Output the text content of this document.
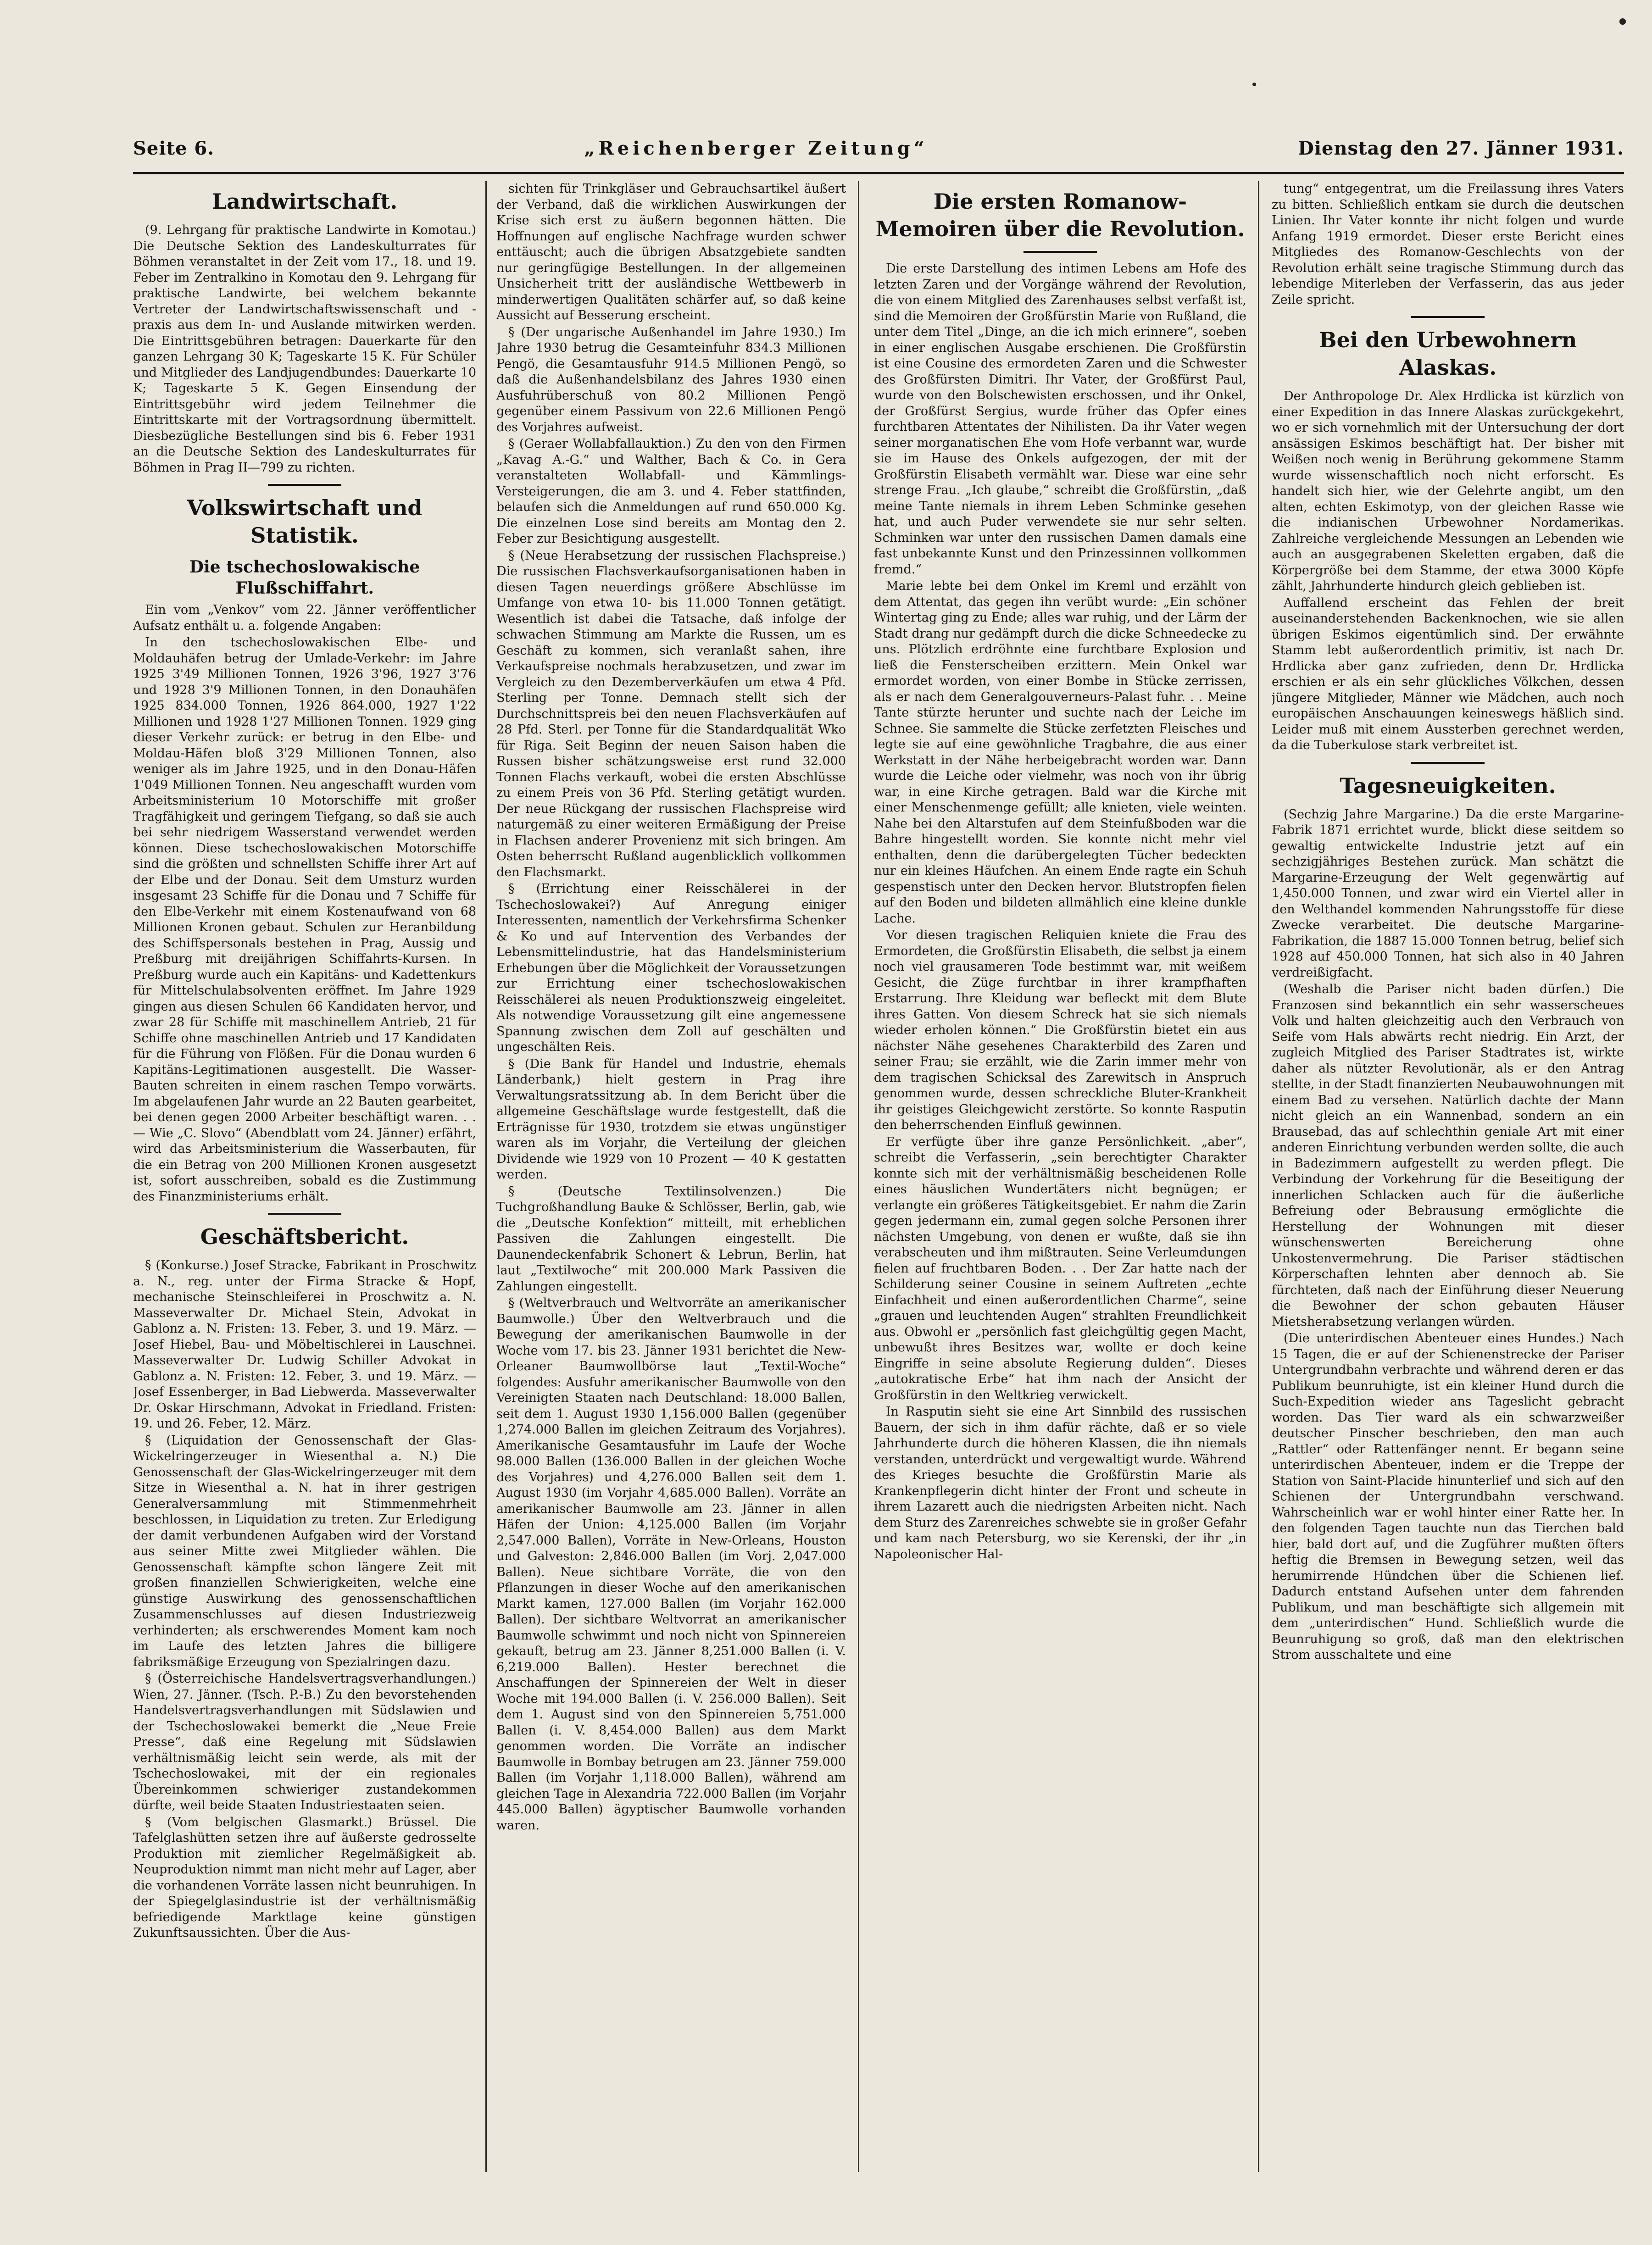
Seite 6.	„Reichenberger Zeitung“	Dienstag den 27. Jänner 1931.
Landwirtschaft.

(9. Lehrgang für praktische Landwirte in Komotau.) Die Deutsche Sektion des Landeskulturrates für Böhmen veranstaltet in der Zeit vom 17., 18. und 19. Feber im Zentralkino in Komotau den 9. Lehrgang für praktische Landwirte, bei welchem bekannte Vertreter der Landwirtschaftswissenschaft und -praxis aus dem In- und Auslande mitwirken werden. Die Eintrittsgebühren betragen: Dauerkarte für den ganzen Lehrgang 30 K; Tageskarte 15 K. Für Schüler und Mitglieder des Landjugendbundes: Dauerkarte 10 K; Tageskarte 5 K. Gegen Einsendung der Eintrittsgebühr wird jedem Teilnehmer die Eintrittskarte mit der Vortragsordnung übermittelt. Diesbezügliche Bestellungen sind bis 6. Feber 1931 an die Deutsche Sektion des Landeskulturrates für Böhmen in Prag II—799 zu richten.

Volkswirtschaft und Statistik.
Die tschechoslowakische Flußschiffahrt.

Ein vom „Venkov“ vom 22. Jänner veröffentlicher Aufsatz enthält u. a. folgende Angaben:

In den tschechoslowakischen Elbe- und Moldauhäfen betrug der Umlade-Verkehr: im Jahre 1925 3'49 Millionen Tonnen, 1926 3'96, 1927 3'76 und 1928 3'9 Millionen Tonnen, in den Donauhäfen 1925 834.000 Tonnen, 1926 864.000, 1927 1'22 Millionen und 1928 1'27 Millionen Tonnen. 1929 ging dieser Verkehr zurück: er betrug in den Elbe- und Moldau-Häfen bloß 3'29 Millionen Tonnen, also weniger als im Jahre 1925, und in den Donau-Häfen 1'049 Millionen Tonnen. Neu angeschafft wurden vom Arbeitsministerium 10 Motorschiffe mit großer Tragfähigkeit und geringem Tiefgang, so daß sie auch bei sehr niedrigem Wasserstand verwendet werden können. Diese tschechoslowakischen Motorschiffe sind die größten und schnellsten Schiffe ihrer Art auf der Elbe und der Donau. Seit dem Umsturz wurden insgesamt 23 Schiffe für die Donau und 7 Schiffe für den Elbe-Verkehr mit einem Kostenaufwand von 68 Millionen Kronen gebaut. Schulen zur Heranbildung des Schiffspersonals bestehen in Prag, Aussig und Preßburg mit dreijährigen Schiffahrts-Kursen. In Preßburg wurde auch ein Kapitäns- und Kadettenkurs für Mittelschulabsolventen eröffnet. Im Jahre 1929 gingen aus diesen Schulen 66 Kandidaten hervor, und zwar 28 für Schiffe mit maschinellem Antrieb, 21 für Schiffe ohne maschinellen Antrieb und 17 Kandidaten für die Führung von Flößen. Für die Donau wurden 6 Kapitäns-Legitimationen ausgestellt. Die Wasser-Bauten schreiten in einem raschen Tempo vorwärts. Im abgelaufenen Jahr wurde an 22 Bauten gearbeitet, bei denen gegen 2000 Arbeiter beschäftigt waren. . . — Wie „C. Slovo“ (Abendblatt vom 24. Jänner) erfährt, wird das Arbeitsministerium die Wasserbauten, für die ein Betrag von 200 Millionen Kronen ausgesetzt ist, sofort ausschreiben, sobald es die Zustimmung des Finanzministeriums erhält.

Geschäftsbericht.

§ (Konkurse.) Josef Stracke, Fabrikant in Proschwitz a. N., reg. unter der Firma Stracke & Hopf, mechanische Steinschleiferei in Proschwitz a. N. Masseverwalter Dr. Michael Stein, Advokat in Gablonz a. N. Fristen: 13. Feber, 3. und 19. März. — Josef Hiebel, Bau- und Möbeltischlerei in Lauschnei. Masseverwalter Dr. Ludwig Schiller Advokat in Gablonz a. N. Fristen: 12. Feber, 3. und 19. März. — Josef Essenberger, in Bad Liebwerda. Masseverwalter Dr. Oskar Hirschmann, Advokat in Friedland. Fristen: 19. und 26. Feber, 12. März.

§ (Liquidation der Genossenschaft der Glas-Wickelringerzeuger in Wiesenthal a. N.) Die Genossenschaft der Glas-Wickelringerzeuger mit dem Sitze in Wiesenthal a. N. hat in ihrer gestrigen Generalversammlung mit Stimmenmehrheit beschlossen, in Liquidation zu treten. Zur Erledigung der damit verbundenen Aufgaben wird der Vorstand aus seiner Mitte zwei Mitglieder wählen. Die Genossenschaft kämpfte schon längere Zeit mit großen finanziellen Schwierigkeiten, welche eine günstige Auswirkung des genossenschaftlichen Zusammenschlusses auf diesen Industriezweig verhinderten; als erschwerendes Moment kam noch im Laufe des letzten Jahres die billigere fabriksmäßige Erzeugung von Spezialringen dazu.

§ (Österreichische Handelsvertragsverhandlungen.) Wien, 27. Jänner. (Tsch. P.-B.) Zu den bevorstehenden Handelsvertragsverhandlungen mit Südslawien und der Tschechoslowakei bemerkt die „Neue Freie Presse“, daß eine Regelung mit Südslawien verhältnismäßig leicht sein werde, als mit der Tschechoslowakei, mit der ein regionales Übereinkommen schwieriger zustandekommen dürfte, weil beide Staaten Industriestaaten seien.

§ (Vom belgischen Glasmarkt.) Brüssel. Die Tafelglashütten setzen ihre auf äußerste gedrosselte Produktion mit ziemlicher Regelmäßigkeit ab. Neuproduktion nimmt man nicht mehr auf Lager, aber die vorhandenen Vorräte lassen nicht beunruhigen. In der Spiegelglasindustrie ist der verhältnismäßig befriedigende Marktlage keine günstigen Zukunftsaussichten. Über die Aus-

sichten für Trinkgläser und Gebrauchsartikel äußert der Verband, daß die wirklichen Auswirkungen der Krise sich erst zu äußern begonnen hätten. Die Hoffnungen auf englische Nachfrage wurden schwer enttäuscht; auch die übrigen Absatzgebiete sandten nur geringfügige Bestellungen. In der allgemeinen Unsicherheit tritt der ausländische Wettbewerb in minderwertigen Qualitäten schärfer auf, so daß keine Aussicht auf Besserung erscheint.

§ (Der ungarische Außenhandel im Jahre 1930.) Im Jahre 1930 betrug die Gesamteinfuhr 834.3 Millionen Pengö, die Gesamtausfuhr 914.5 Millionen Pengö, so daß die Außenhandelsbilanz des Jahres 1930 einen Ausfuhrüberschuß von 80.2 Millionen Pengö gegenüber einem Passivum von 22.6 Millionen Pengö des Vorjahres aufweist.

§ (Geraer Wollabfallauktion.) Zu den von den Firmen „Kavag A.-G.“ und Walther, Bach & Co. in Gera veranstalteten Wollabfall- und Kämmlings-Versteigerungen, die am 3. und 4. Feber stattfinden, belaufen sich die Anmeldungen auf rund 650.000 Kg. Die einzelnen Lose sind bereits am Montag den 2. Feber zur Besichtigung ausgestellt.

§ (Neue Herabsetzung der russischen Flachspreise.) Die russischen Flachsverkaufsorganisationen haben in diesen Tagen neuerdings größere Abschlüsse im Umfange von etwa 10- bis 11.000 Tonnen getätigt. Wesentlich ist dabei die Tatsache, daß infolge der schwachen Stimmung am Markte die Russen, um es Geschäft zu kommen, sich veranlaßt sahen, ihre Verkaufspreise nochmals herabzusetzen, und zwar im Vergleich zu den Dezemberverkäufen um etwa 4 Pfd. Sterling per Tonne. Demnach stellt sich der Durchschnittspreis bei den neuen Flachsverkäufen auf 28 Pfd. Sterl. per Tonne für die Standardqualität Wko für Riga. Seit Beginn der neuen Saison haben die Russen bisher schätzungsweise erst rund 32.000 Tonnen Flachs verkauft, wobei die ersten Abschlüsse zu einem Preis von 36 Pfd. Sterling getätigt wurden. Der neue Rückgang der russischen Flachspreise wird naturgemäß zu einer weiteren Ermäßigung der Preise in Flachsen anderer Provenienz mit sich bringen. Am Osten beherrscht Rußland augenblicklich vollkommen den Flachsmarkt.

§ (Errichtung einer Reisschälerei in der Tschechoslowakei?) Auf Anregung einiger Interessenten, namentlich der Verkehrsfirma Schenker & Ko und auf Intervention des Verbandes der Lebensmittelindustrie, hat das Handelsministerium Erhebungen über die Möglichkeit der Voraussetzungen zur Errichtung einer tschechoslowakischen Reisschälerei als neuen Produktionszweig eingeleitet. Als notwendige Voraussetzung gilt eine angemessene Spannung zwischen dem Zoll auf geschälten und ungeschälten Reis.

§ (Die Bank für Handel und Industrie, ehemals Länderbank,) hielt gestern in Prag ihre Verwaltungsratssitzung ab. In dem Bericht über die allgemeine Geschäftslage wurde festgestellt, daß die Erträgnisse für 1930, trotzdem sie etwas ungünstiger waren als im Vorjahr, die Verteilung der gleichen Dividende wie 1929 von 10 Prozent — 40 K gestatten werden.

§ (Deutsche Textilinsolvenzen.) Die Tuchgroßhandlung Bauke & Schlösser, Berlin, gab, wie die „Deutsche Konfektion“ mitteilt, mit erheblichen Passiven die Zahlungen eingestellt. Die Daunendeckenfabrik Schonert & Lebrun, Berlin, hat laut „Textilwoche“ mit 200.000 Mark Passiven die Zahlungen eingestellt.

§ (Weltverbrauch und Weltvorräte an amerikanischer Baumwolle.) Über den Weltverbrauch und die Bewegung der amerikanischen Baumwolle in der Woche vom 17. bis 23. Jänner 1931 berichtet die New-Orleaner Baumwollbörse laut „Textil-Woche“ folgendes: Ausfuhr amerikanischer Baumwolle von den Vereinigten Staaten nach Deutschland: 18.000 Ballen, seit dem 1. August 1930 1,156.000 Ballen (gegenüber 1,274.000 Ballen im gleichen Zeitraum des Vorjahres). Amerikanische Gesamtausfuhr im Laufe der Woche 98.000 Ballen (136.000 Ballen in der gleichen Woche des Vorjahres) und 4,276.000 Ballen seit dem 1. August 1930 (im Vorjahr 4,685.000 Ballen). Vorräte an amerikanischer Baumwolle am 23. Jänner in allen Häfen der Union: 4,125.000 Ballen (im Vorjahr 2,547.000 Ballen), Vorräte in New-Orleans, Houston und Galveston: 2,846.000 Ballen (im Vorj. 2,047.000 Ballen). Neue sichtbare Vorräte, die von den Pflanzungen in dieser Woche auf den amerikanischen Markt kamen, 127.000 Ballen (im Vorjahr 162.000 Ballen). Der sichtbare Weltvorrat an amerikanischer Baumwolle schwimmt und noch nicht von Spinnereien gekauft, betrug am 23. Jänner 8,251.000 Ballen (i. V. 6,219.000 Ballen). Hester berechnet die Anschaffungen der Spinnereien der Welt in dieser Woche mit 194.000 Ballen (i. V. 256.000 Ballen). Seit dem 1. August sind von den Spinnereien 5,751.000 Ballen (i. V. 8,454.000 Ballen) aus dem Markt genommen worden. Die Vorräte an indischer Baumwolle in Bombay betrugen am 23. Jänner 759.000 Ballen (im Vorjahr 1,118.000 Ballen), während am gleichen Tage in Alexandria 722.000 Ballen (im Vorjahr 445.000 Ballen) ägyptischer Baumwolle vorhanden waren.

Die ersten Romanow-Memoiren über die Revolution.

Die erste Darstellung des intimen Lebens am Hofe des letzten Zaren und der Vorgänge während der Revolution, die von einem Mitglied des Zarenhauses selbst verfaßt ist, sind die Memoiren der Großfürstin Marie von Rußland, die unter dem Titel „Dinge, an die ich mich erinnere“, soeben in einer englischen Ausgabe erschienen. Die Großfürstin ist eine Cousine des ermordeten Zaren und die Schwester des Großfürsten Dimitri. Ihr Vater, der Großfürst Paul, wurde von den Bolschewisten erschossen, und ihr Onkel, der Großfürst Sergius, wurde früher das Opfer eines furchtbaren Attentates der Nihilisten. Da ihr Vater wegen seiner morganatischen Ehe vom Hofe verbannt war, wurde sie im Hause des Onkels aufgezogen, der mit der Großfürstin Elisabeth vermählt war. Diese war eine sehr strenge Frau. „Ich glaube,“ schreibt die Großfürstin, „daß meine Tante niemals in ihrem Leben Schminke gesehen hat, und auch Puder verwendete sie nur sehr selten. Schminken war unter den russischen Damen damals eine fast unbekannte Kunst und den Prinzessinnen vollkommen fremd.“

Marie lebte bei dem Onkel im Kreml und erzählt von dem Attentat, das gegen ihn verübt wurde: „Ein schöner Wintertag ging zu Ende; alles war ruhig, und der Lärm der Stadt drang nur gedämpft durch die dicke Schneedecke zu uns. Plötzlich erdröhnte eine furchtbare Explosion und ließ die Fensterscheiben erzittern. Mein Onkel war ermordet worden, von einer Bombe in Stücke zerrissen, als er nach dem Generalgouverneurs-Palast fuhr. . . Meine Tante stürzte herunter und suchte nach der Leiche im Schnee. Sie sammelte die Stücke zerfetzten Fleisches und legte sie auf eine gewöhnliche Tragbahre, die aus einer Werkstatt in der Nähe herbeigebracht worden war. Dann wurde die Leiche oder vielmehr, was noch von ihr übrig war, in eine Kirche getragen. Bald war die Kirche mit einer Menschenmenge gefüllt; alle knieten, viele weinten. Nahe bei den Altarstufen auf dem Steinfußboden war die Bahre hingestellt worden. Sie konnte nicht mehr viel enthalten, denn die darübergelegten Tücher bedeckten nur ein kleines Häufchen. An einem Ende ragte ein Schuh gespenstisch unter den Decken hervor. Blutstropfen fielen auf den Boden und bildeten allmählich eine kleine dunkle Lache.

Vor diesen tragischen Reliquien kniete die Frau des Ermordeten, die Großfürstin Elisabeth, die selbst ja einem noch viel grausameren Tode bestimmt war, mit weißem Gesicht, die Züge furchtbar in ihrer krampfhaften Erstarrung. Ihre Kleidung war befleckt mit dem Blute ihres Gatten. Von diesem Schreck hat sie sich niemals wieder erholen können.“ Die Großfürstin bietet ein aus nächster Nähe gesehenes Charakterbild des Zaren und seiner Frau; sie erzählt, wie die Zarin immer mehr von dem tragischen Schicksal des Zarewitsch in Anspruch genommen wurde, dessen schreckliche Bluter-Krankheit ihr geistiges Gleichgewicht zerstörte. So konnte Rasputin den beherrschenden Einfluß gewinnen.

Er verfügte über ihre ganze Persönlichkeit. „aber“, schreibt die Verfasserin, „sein berechtigter Charakter konnte sich mit der verhältnismäßig bescheidenen Rolle eines häuslichen Wundertäters nicht begnügen; er verlangte ein größeres Tätigkeitsgebiet. Er nahm die Zarin gegen jedermann ein, zumal gegen solche Personen ihrer nächsten Umgebung, von denen er wußte, daß sie ihn verabscheuten und ihm mißtrauten. Seine Verleumdungen fielen auf fruchtbaren Boden. . . Der Zar hatte nach der Schilderung seiner Cousine in seinem Auftreten „echte Einfachheit und einen außerordentlichen Charme“, seine „grauen und leuchtenden Augen“ strahlten Freundlichkeit aus. Obwohl er „persönlich fast gleichgültig gegen Macht, unbewußt ihres Besitzes war, wollte er doch keine Eingriffe in seine absolute Regierung dulden“. Dieses „autokratische Erbe“ hat ihm nach der Ansicht der Großfürstin in den Weltkrieg verwickelt.

In Rasputin sieht sie eine Art Sinnbild des russischen Bauern, der sich in ihm dafür rächte, daß er so viele Jahrhunderte durch die höheren Klassen, die ihn niemals verstanden, unterdrückt und vergewaltigt wurde. Während des Krieges besuchte die Großfürstin Marie als Krankenpflegerin dicht hinter der Front und scheute in ihrem Lazarett auch die niedrigsten Arbeiten nicht. Nach dem Sturz des Zarenreiches schwebte sie in großer Gefahr und kam nach Petersburg, wo sie Kerenski, der ihr „in Napoleonischer Hal-

tung“ entgegentrat, um die Freilassung ihres Vaters zu bitten. Schließlich entkam sie durch die deutschen Linien. Ihr Vater konnte ihr nicht folgen und wurde Anfang 1919 ermordet. Dieser erste Bericht eines Mitgliedes des Romanow-Geschlechts von der Revolution erhält seine tragische Stimmung durch das lebendige Miterleben der Verfasserin, das aus jeder Zeile spricht.

Bei den Urbewohnern Alaskas.

Der Anthropologe Dr. Alex Hrdlicka ist kürzlich von einer Expedition in das Innere Alaskas zurückgekehrt, wo er sich vornehmlich mit der Untersuchung der dort ansässigen Eskimos beschäftigt hat. Der bisher mit Weißen noch wenig in Berührung gekommene Stamm wurde wissenschaftlich noch nicht erforscht. Es handelt sich hier, wie der Gelehrte angibt, um den alten, echten Eskimotyp, von der gleichen Rasse wie die indianischen Urbewohner Nordamerikas. Zahlreiche vergleichende Messungen an Lebenden wie auch an ausgegrabenen Skeletten ergaben, daß die Körpergröße bei dem Stamme, der etwa 3000 Köpfe zählt, Jahrhunderte hindurch gleich geblieben ist.

Auffallend erscheint das Fehlen der breit auseinanderstehenden Backenknochen, wie sie allen übrigen Eskimos eigentümlich sind. Der erwähnte Stamm lebt außerordentlich primitiv, ist nach Dr. Hrdlicka aber ganz zufrieden, denn Dr. Hrdlicka erschien er als ein sehr glückliches Völkchen, dessen jüngere Mitglieder, Männer wie Mädchen, auch noch europäischen Anschauungen keineswegs häßlich sind. Leider muß mit einem Aussterben gerechnet werden, da die Tuberkulose stark verbreitet ist.

Tagesneuigkeiten.

(Sechzig Jahre Margarine.) Da die erste Margarine-Fabrik 1871 errichtet wurde, blickt diese seitdem so gewaltig entwickelte Industrie jetzt auf ein sechzigjähriges Bestehen zurück. Man schätzt die Margarine-Erzeugung der Welt gegenwärtig auf 1,450.000 Tonnen, und zwar wird ein Viertel aller in den Welthandel kommenden Nahrungsstoffe für diese Zwecke verarbeitet. Die deutsche Margarine-Fabrikation, die 1887 15.000 Tonnen betrug, belief sich 1928 auf 450.000 Tonnen, hat sich also in 40 Jahren verdreißigfacht.

(Weshalb die Pariser nicht baden dürfen.) Die Franzosen sind bekanntlich ein sehr wasserscheues Volk und halten gleichzeitig auch den Verbrauch von Seife vom Hals abwärts recht niedrig. Ein Arzt, der zugleich Mitglied des Pariser Stadtrates ist, wirkte daher als nützter Revolutionär, als er den Antrag stellte, in der Stadt finanzierten Neubauwohnungen mit einem Bad zu versehen. Natürlich dachte der Mann nicht gleich an ein Wannenbad, sondern an ein Brausebad, das auf schlechthin geniale Art mit einer anderen Einrichtung verbunden werden sollte, die auch in Badezimmern aufgestellt zu werden pflegt. Die Verbindung der Vorkehrung für die Beseitigung der innerlichen Schlacken auch für die äußerliche Befreiung oder Bebrausung ermöglichte die Herstellung der Wohnungen mit dieser wünschenswerten Bereicherung ohne Unkostenvermehrung. Die Pariser städtischen Körperschaften lehnten aber dennoch ab. Sie fürchteten, daß nach der Einführung dieser Neuerung die Bewohner der schon gebauten Häuser Mietsherabsetzung verlangen würden.

(Die unterirdischen Abenteuer eines Hundes.) Nach 15 Tagen, die er auf der Schienenstrecke der Pariser Untergrundbahn verbrachte und während deren er das Publikum beunruhigte, ist ein kleiner Hund durch die Such-Expedition wieder ans Tageslicht gebracht worden. Das Tier ward als ein schwarzweißer deutscher Pinscher beschrieben, den man auch „Rattler“ oder Rattenfänger nennt. Er begann seine unterirdischen Abenteuer, indem er die Treppe der Station von Saint-Placide hinunterlief und sich auf den Schienen der Untergrundbahn verschwand. Wahrscheinlich war er wohl hinter einer Ratte her. In den folgenden Tagen tauchte nun das Tierchen bald hier, bald dort auf, und die Zugführer mußten öfters heftig die Bremsen in Bewegung setzen, weil das herumirrende Hündchen über die Schienen lief. Dadurch entstand Aufsehen unter dem fahrenden Publikum, und man beschäftigte sich allgemein mit dem „unterirdischen“ Hund. Schließlich wurde die Beunruhigung so groß, daß man den elektrischen Strom ausschaltete und eine
